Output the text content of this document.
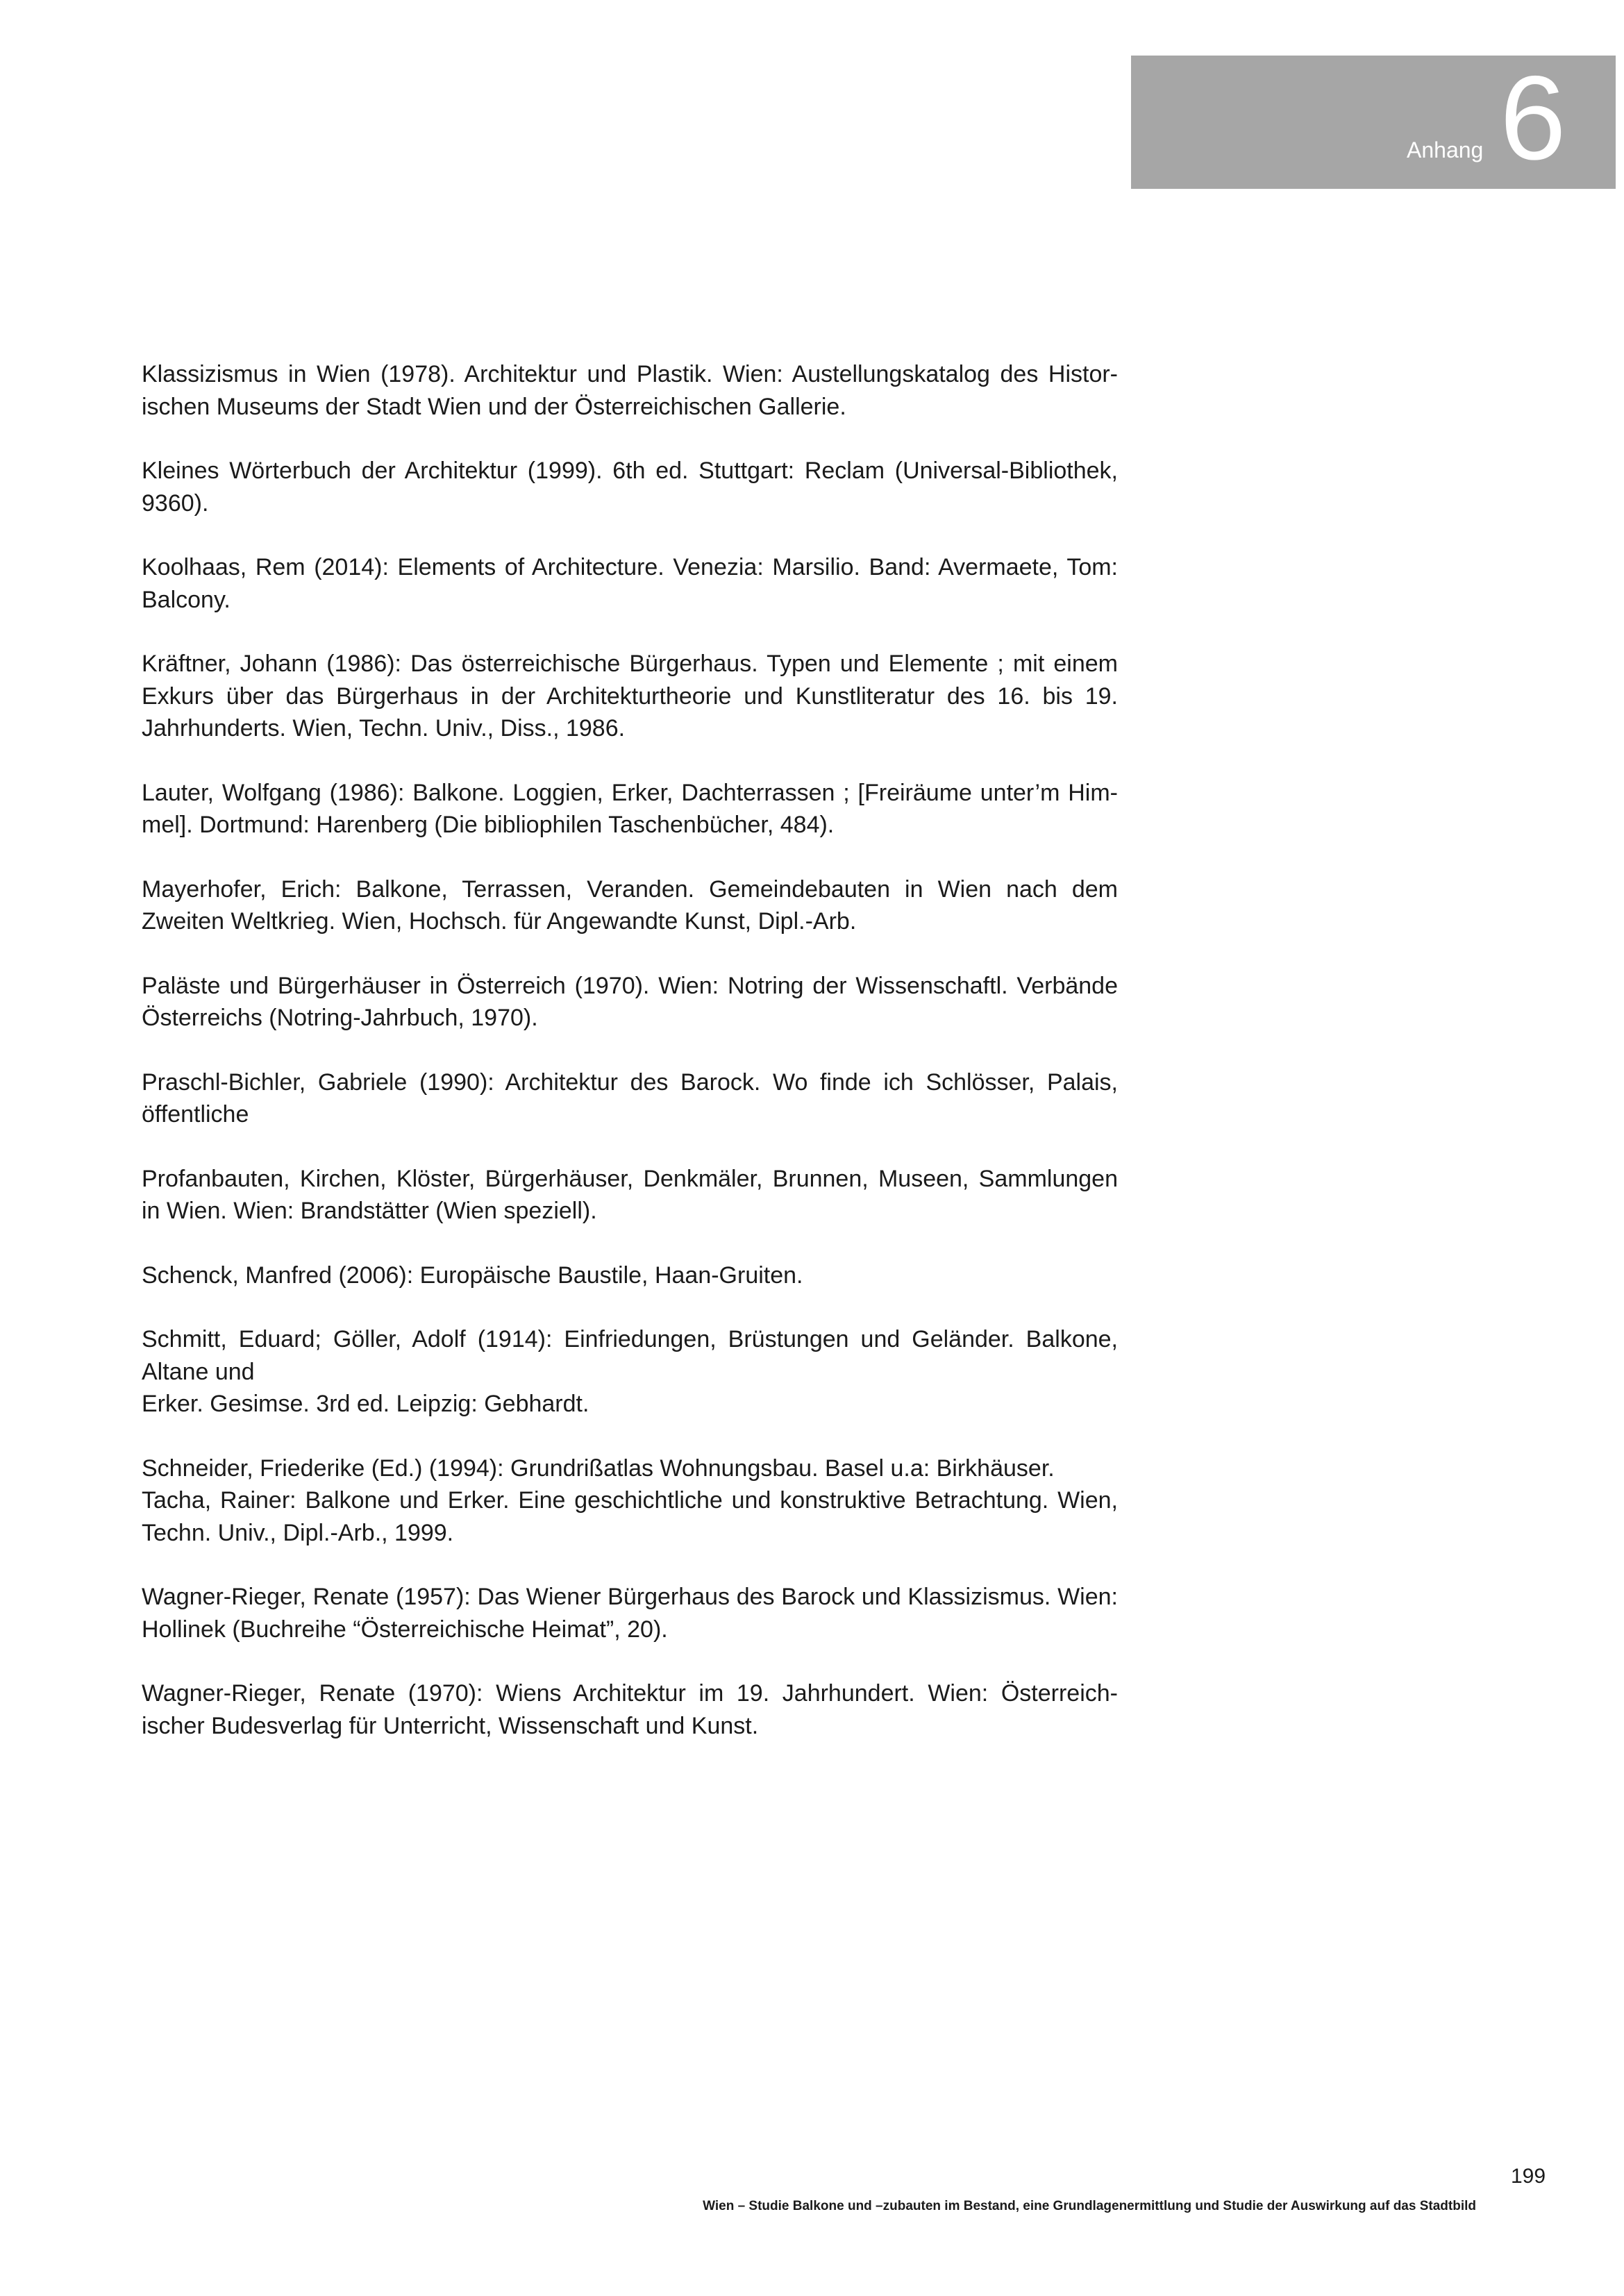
Anhang 6
Klassizismus in Wien (1978). Architektur und Plastik. Wien: Austellungskatalog des Histor- ischen Museums der Stadt Wien und der Österreichischen Gallerie.
Kleines Wörterbuch der Architektur (1999). 6th ed. Stuttgart: Reclam (Universal-Bibliothek, 9360).
Koolhaas, Rem (2014): Elements of Architecture. Venezia: Marsilio. Band: Avermaete, Tom: Balcony.
Kräftner, Johann (1986): Das österreichische Bürgerhaus. Typen und Elemente ; mit einem Exkurs über das Bürgerhaus in der Architekturtheorie und Kunstliteratur des 16. bis 19. Jahrhunderts. Wien, Techn. Univ., Diss., 1986.
Lauter, Wolfgang (1986): Balkone. Loggien, Erker, Dachterrassen ; [Freiräume unter’m Him- mel]. Dortmund: Harenberg (Die bibliophilen Taschenbücher, 484).
Mayerhofer, Erich: Balkone, Terrassen, Veranden. Gemeindebauten in Wien nach dem Zweiten Weltkrieg. Wien, Hochsch. für Angewandte Kunst, Dipl.-Arb.
Paläste und Bürgerhäuser in Österreich (1970). Wien: Notring der Wissenschaftl. Verbände Österreichs (Notring-Jahrbuch, 1970).
Praschl-Bichler, Gabriele (1990): Architektur des Barock. Wo finde ich Schlösser, Palais, öffentliche
Profanbauten, Kirchen, Klöster, Bürgerhäuser, Denkmäler, Brunnen, Museen, Sammlungen in Wien. Wien: Brandstätter (Wien speziell).
Schenck, Manfred (2006): Europäische Baustile, Haan-Gruiten.
Schmitt, Eduard; Göller, Adolf (1914): Einfriedungen, Brüstungen und Geländer. Balkone, Altane und
Erker. Gesimse. 3rd ed. Leipzig: Gebhardt.
Schneider, Friederike (Ed.) (1994): Grundrißatlas Wohnungsbau. Basel u.a: Birkhäuser.
Tacha, Rainer: Balkone und Erker. Eine geschichtliche und konstruktive Betrachtung. Wien, Techn. Univ., Dipl.-Arb., 1999.
Wagner-Rieger, Renate (1957): Das Wiener Bürgerhaus des Barock und Klassizismus. Wien: Hollinek (Buchreihe “Österreichische Heimat”, 20).
Wagner-Rieger, Renate (1970): Wiens Architektur im 19. Jahrhundert. Wien: Österreich- ischer Budesverlag für Unterricht, Wissenschaft und Kunst.
199
Wien – Studie Balkone und –zubauten im Bestand, eine Grundlagenermittlung und Studie der Auswirkung auf das Stadtbild
